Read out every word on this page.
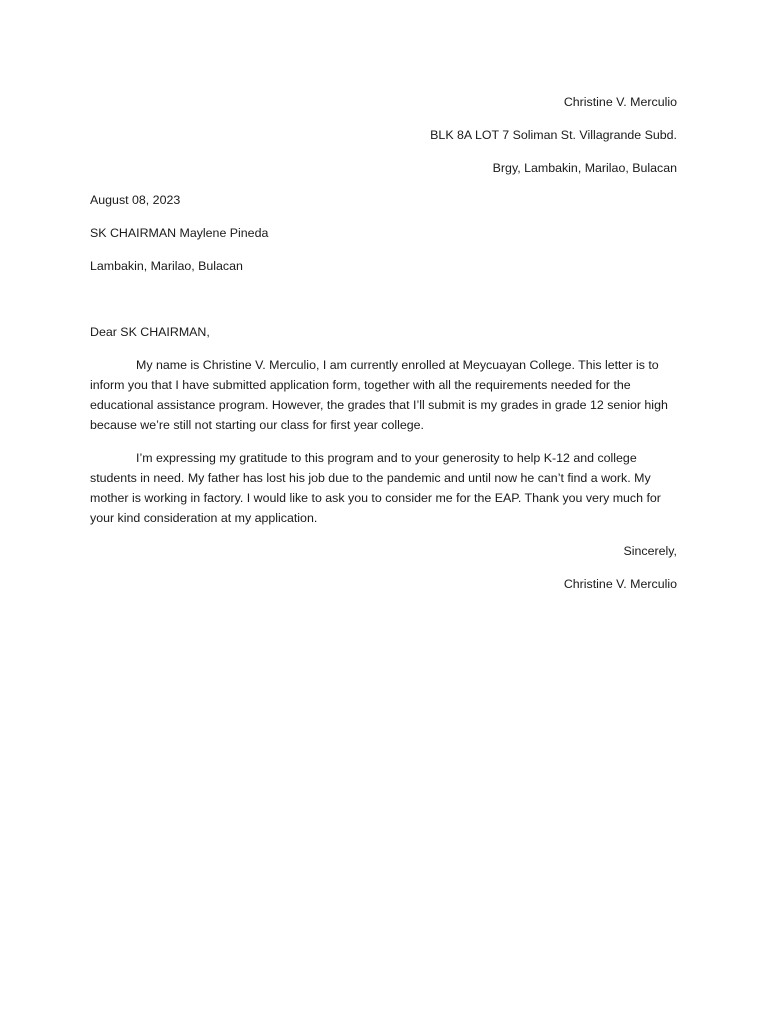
Christine V. Merculio
BLK 8A LOT 7 Soliman St. Villagrande Subd.
Brgy, Lambakin, Marilao, Bulacan
August 08, 2023
SK CHAIRMAN Maylene Pineda
Lambakin, Marilao, Bulacan
Dear SK CHAIRMAN,

My name is Christine V. Merculio, I am currently enrolled at Meycuayan College. This letter is to inform you that I have submitted application form, together with all the requirements needed for the educational assistance program. However, the grades that I’ll submit is my grades in grade 12 senior high because we’re still not starting our class for first year college.

I’m expressing my gratitude to this program and to your generosity to help K-12 and college students in need. My father has lost his job due to the pandemic and until now he can’t find a work. My mother is working in factory. I would like to ask you to consider me for the EAP. Thank you very much for your kind consideration at my application.

Sincerely,
Christine V. Merculio
